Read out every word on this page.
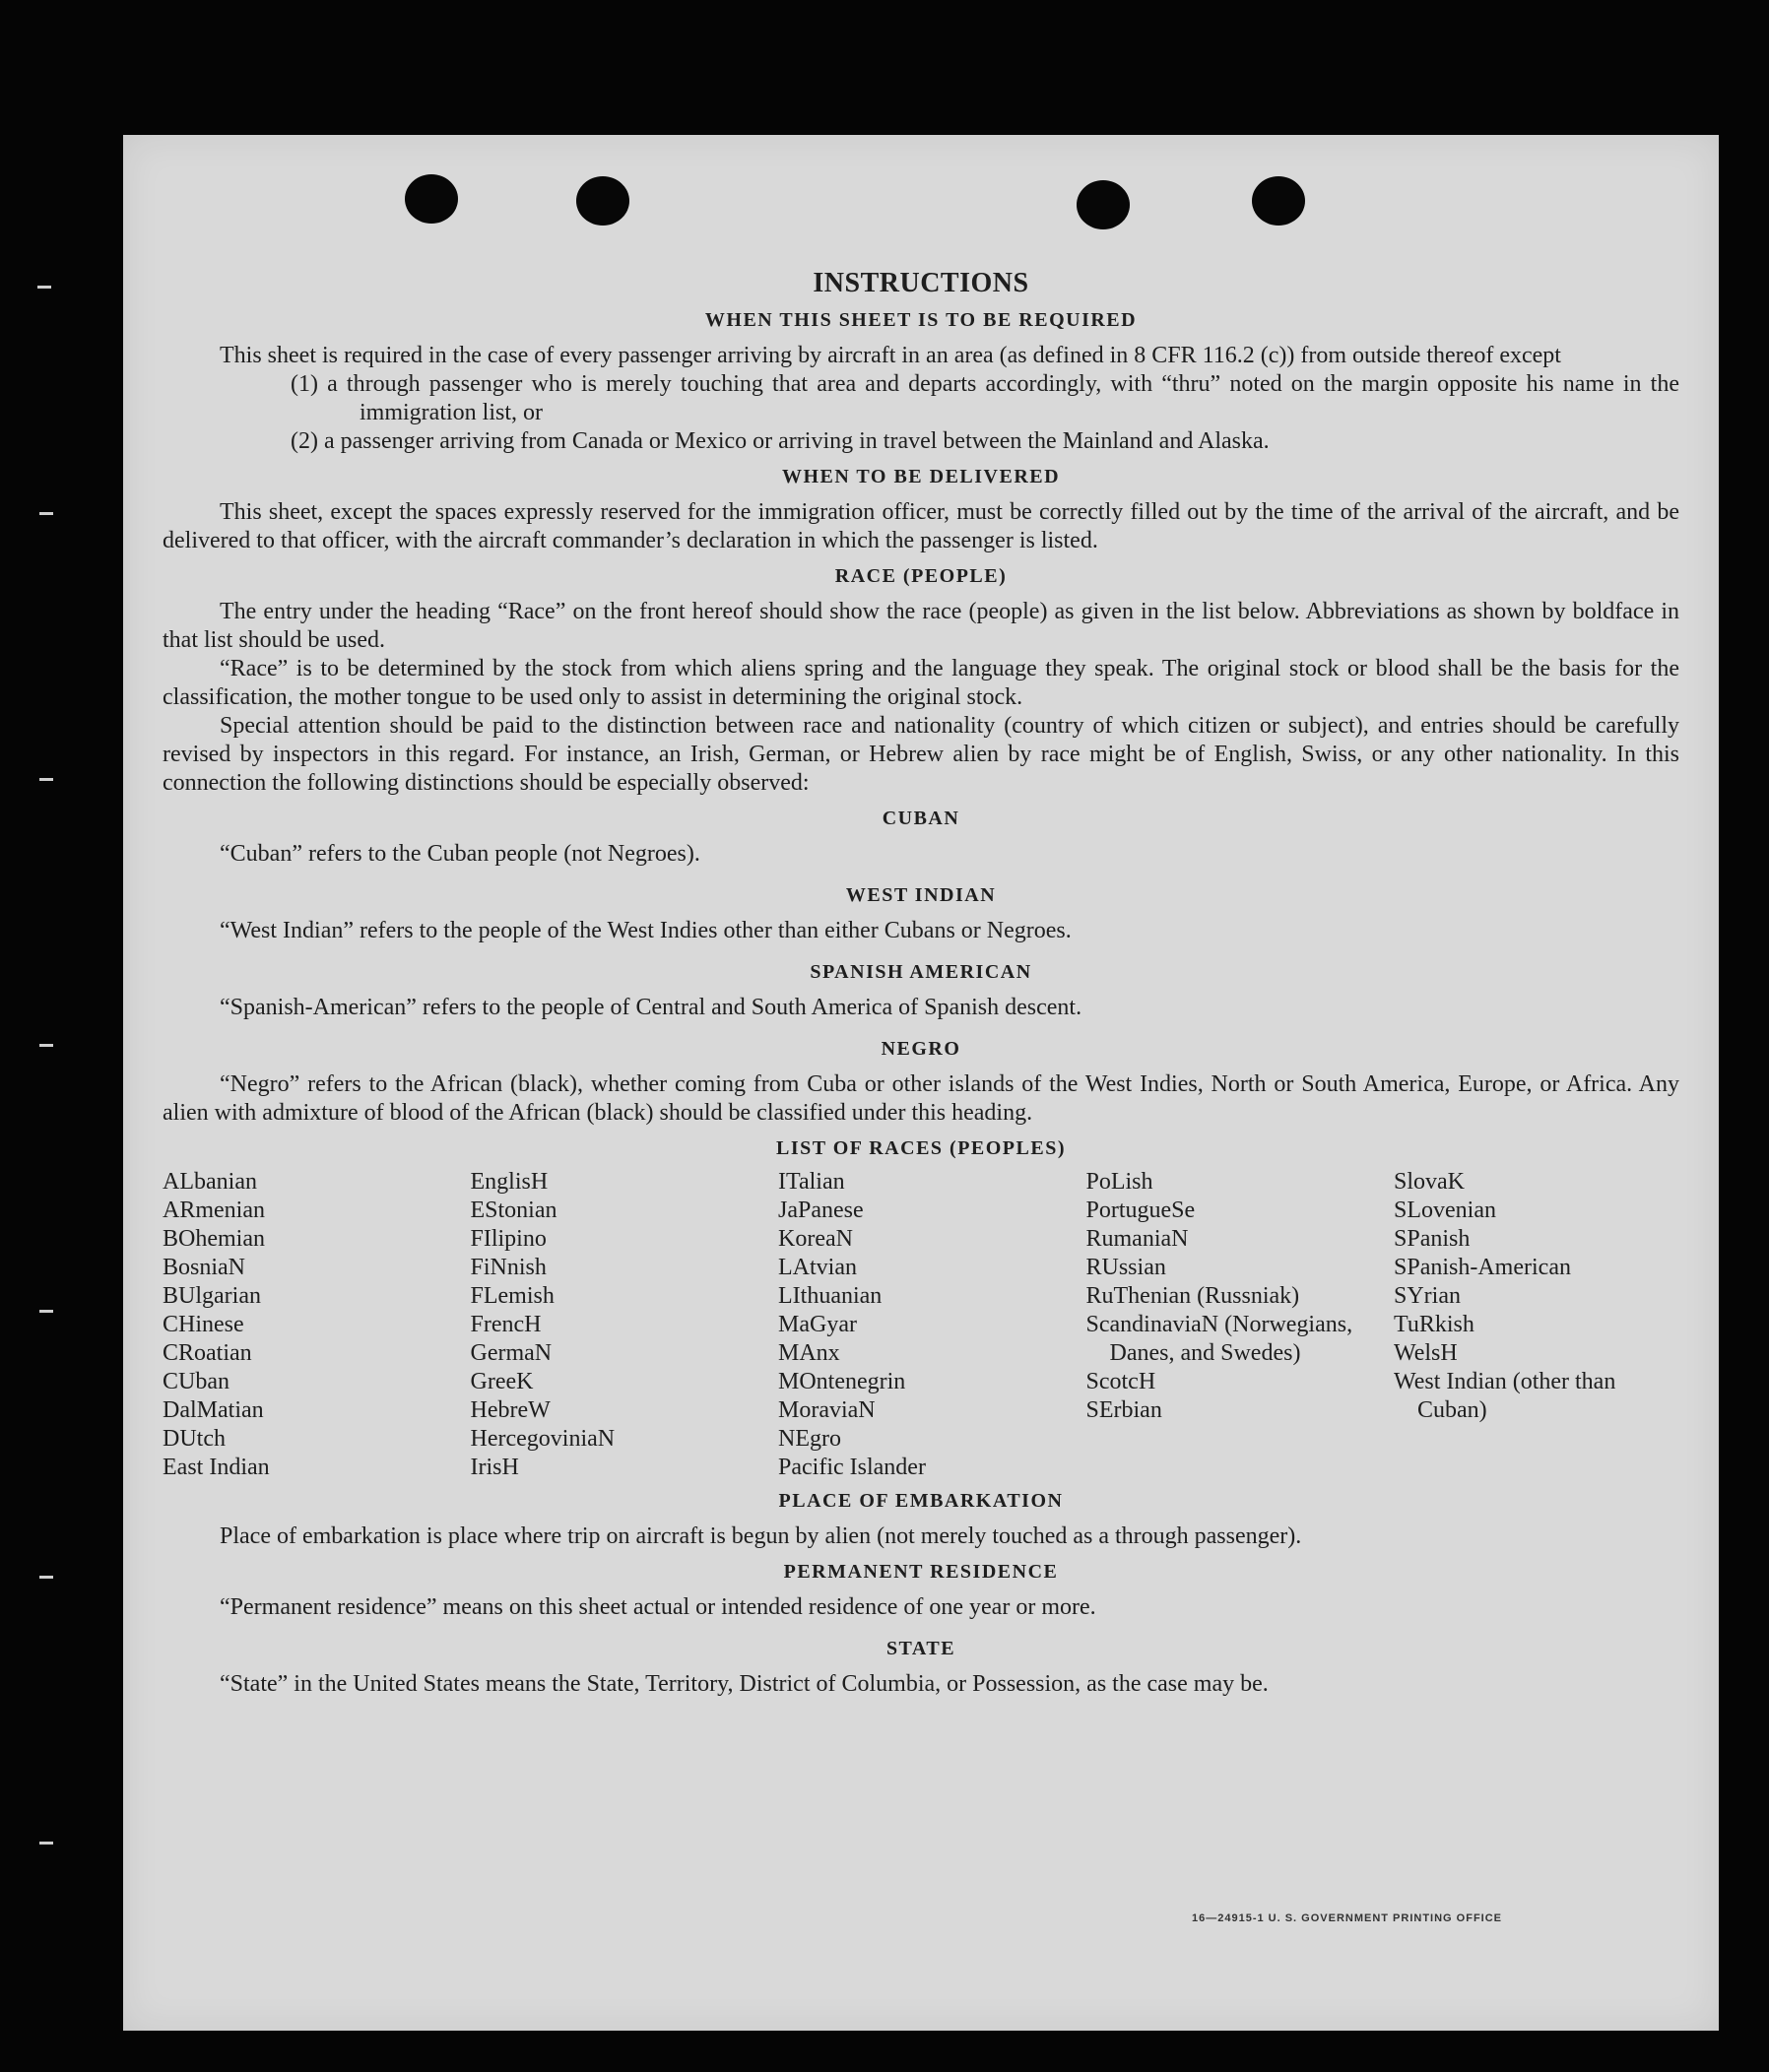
INSTRUCTIONS
WHEN THIS SHEET IS TO BE REQUIRED

This sheet is required in the case of every passenger arriving by aircraft in an area (as defined in 8 CFR 116.2 (c)) from outside thereof except

(1) a through passenger who is merely touching that area and departs accordingly, with “thru” noted on the margin opposite his name in the immigration list, or

(2) a passenger arriving from Canada or Mexico or arriving in travel between the Mainland and Alaska.

WHEN TO BE DELIVERED

This sheet, except the spaces expressly reserved for the immigration officer, must be correctly filled out by the time of the arrival of the aircraft, and be delivered to that officer, with the aircraft commander’s declaration in which the passenger is listed.

RACE (PEOPLE)

The entry under the heading “Race” on the front hereof should show the race (people) as given in the list below. Abbreviations as shown by boldface in that list should be used.

“Race” is to be determined by the stock from which aliens spring and the language they speak. The original stock or blood shall be the basis for the classification, the mother tongue to be used only to assist in determining the original stock.

Special attention should be paid to the distinction between race and nationality (country of which citizen or subject), and entries should be carefully revised by inspectors in this regard. For instance, an Irish, German, or Hebrew alien by race might be of English, Swiss, or any other nationality. In this connection the following distinctions should be especially observed:

CUBAN

“Cuban” refers to the Cuban people (not Negroes).

WEST INDIAN

“West Indian” refers to the people of the West Indies other than either Cubans or Negroes.

SPANISH AMERICAN

“Spanish-American” refers to the people of Central and South America of Spanish descent.

NEGRO

“Negro” refers to the African (black), whether coming from Cuba or other islands of the West Indies, North or South America, Europe, or Africa. Any alien with admixture of blood of the African (black) should be classified under this heading.

LIST OF RACES (PEOPLES)
ALbanian
ARmenian
BOhemian
BosniaN
BUlgarian
CHinese
CRoatian
CUban
DalMatian
DUtch
East Indian
EnglisH
EStonian
FIlipino
FiNnish
FLemish
FrencH
GermaN
GreeK
HebreW
HercegoviniaN
IrisH
ITalian
JaPanese
KoreaN
LAtvian
LIthuanian
MaGyar
MAnx
MOntenegrin
MoraviaN
NEgro
Pacific Islander
PoLish
PortugueSe
RumaniaN
RUssian
RuThenian (Russniak)
ScandinaviaN (Norwegians, Danes, and Swedes)
ScotcH
SErbian
SlovaK
SLovenian
SPanish
SPanish-American
SYrian
TuRkish
WelsH
West Indian (other than Cuban)
PLACE OF EMBARKATION

Place of embarkation is place where trip on aircraft is begun by alien (not merely touched as a through passenger).

PERMANENT RESIDENCE

“Permanent residence” means on this sheet actual or intended residence of one year or more.

STATE

“State” in the United States means the State, Territory, District of Columbia, or Possession, as the case may be.

16—24915-1 U. S. GOVERNMENT PRINTING OFFICE
